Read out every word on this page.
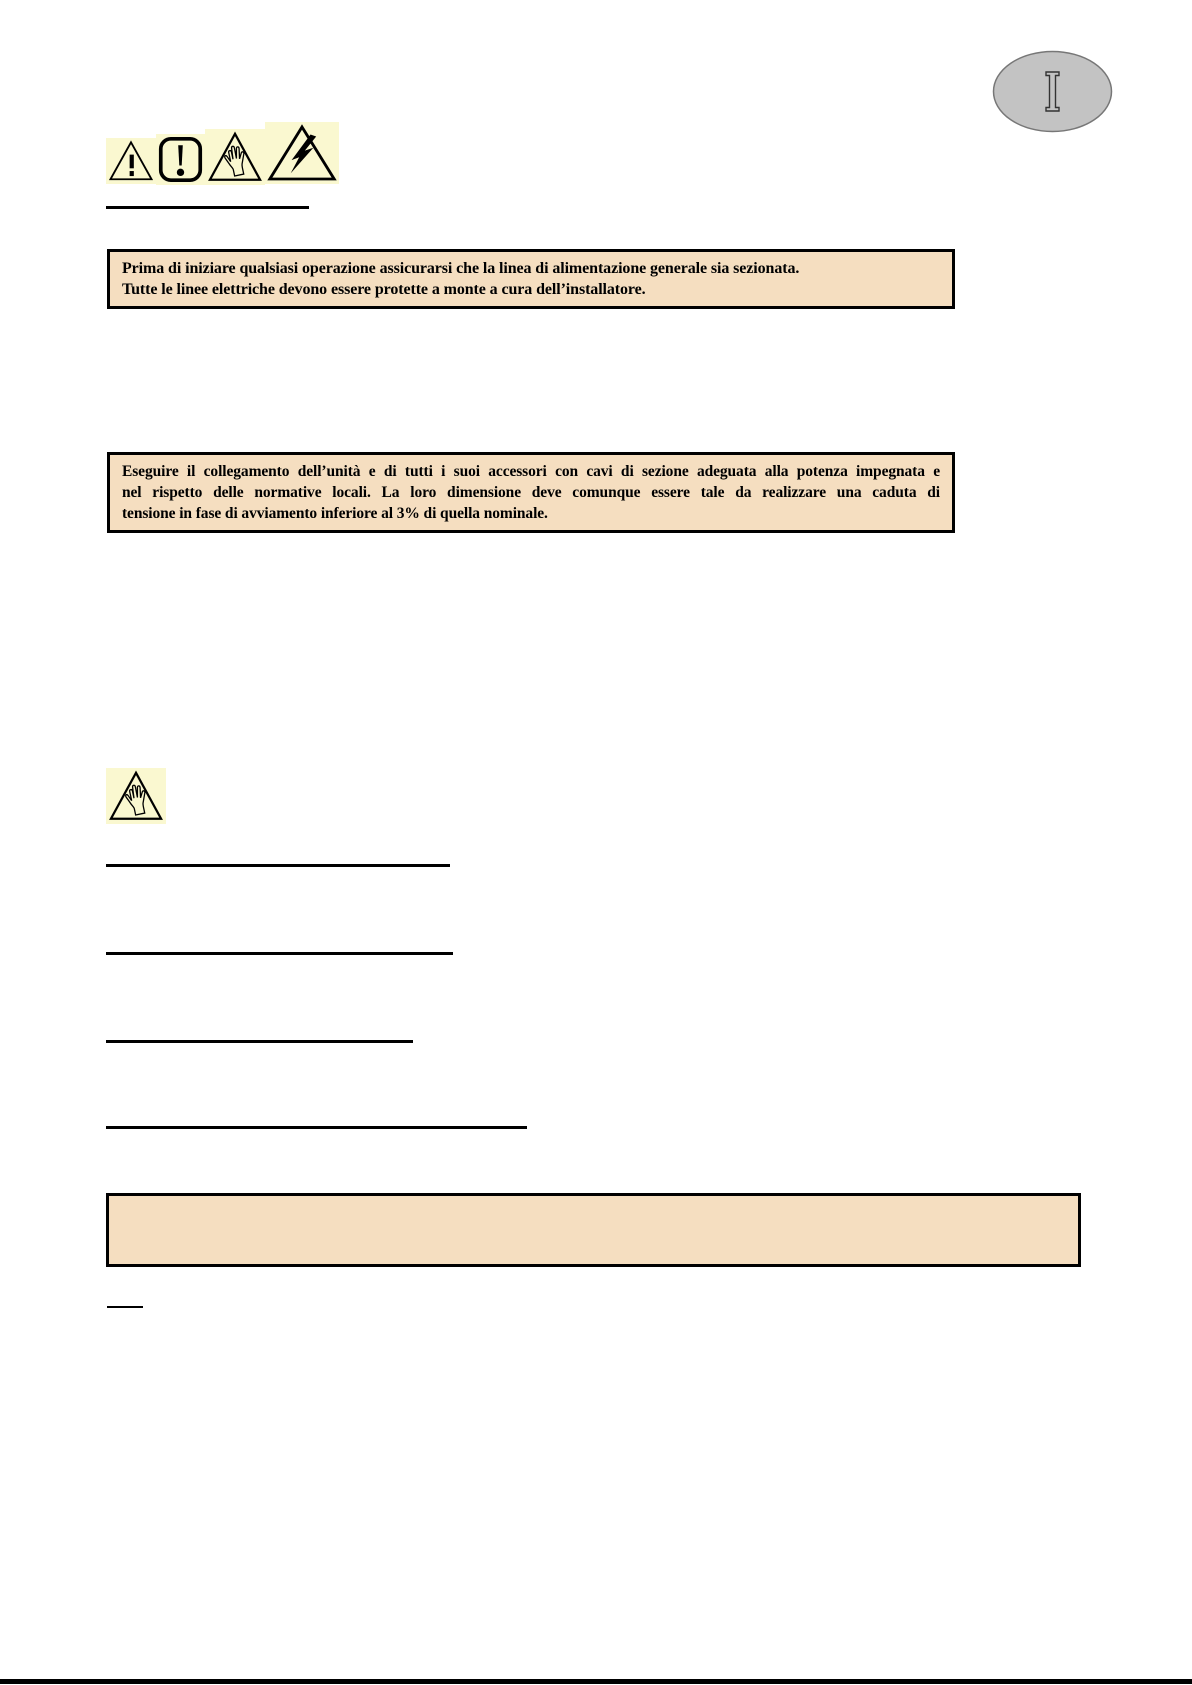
Prima di iniziare qualsiasi operazione assicurarsi che la linea di alimentazione generale sia sezionata.
Tutte le linee elettriche devono essere protette a monte a cura dell’installatore.
Eseguire il collegamento dell’unità e di tutti i suoi accessori con cavi di sezione adeguata alla potenza impegnata e
nel rispetto delle normative locali. La loro dimensione deve comunque essere tale da realizzare una caduta di
tensione in fase di avviamento inferiore al 3% di quella nominale.
